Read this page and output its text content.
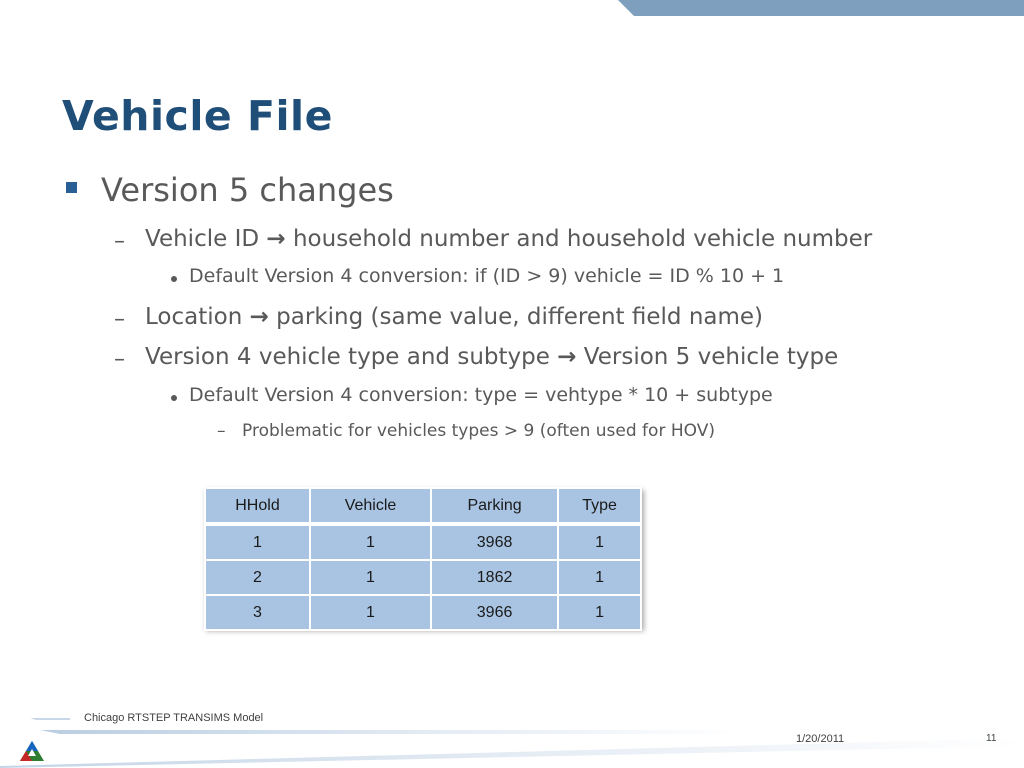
Vehicle File
Version 5 changes
– Vehicle ID → household number and household vehicle number
Default Version 4 conversion: if (ID > 9) vehicle = ID % 10 + 1
– Location → parking (same value, different field name)
– Version 4 vehicle type and subtype → Version 5 vehicle type
Default Version 4 conversion: type = vehtype * 10 + subtype
– Problematic for vehicles types > 9 (often used for HOV)
HHold	Vehicle	Parking	Type
1	1	3968	1
2	1	1862	1
3	1	3966	1
Chicago RTSTEP TRANSIMS Model
1/20/2011	11
